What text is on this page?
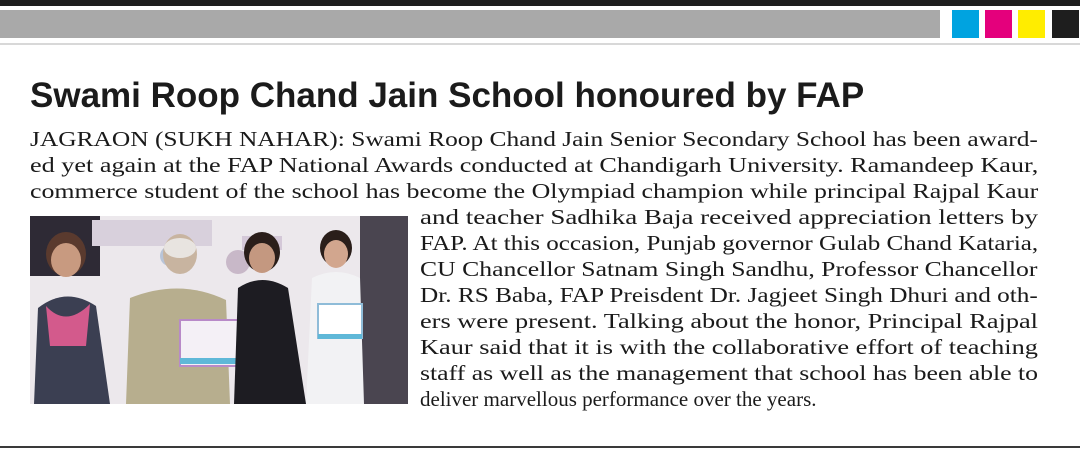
Swami Roop Chand Jain School honoured by FAP

JAGRAON (SUKH NAHAR): Swami Roop Chand Jain Senior Secondary School has been award-

ed yet again at the FAP National Awards conducted at Chandigarh University. Ramandeep Kaur,

commerce student of the school has become the Olympiad champion while principal Rajpal Kaur

and teacher Sadhika Baja received appreciation letters by

FAP. At this occasion, Punjab governor Gulab Chand Kataria,

CU Chancellor Satnam Singh Sandhu, Professor Chancellor

Dr. RS Baba, FAP Preisdent Dr. Jagjeet Singh Dhuri and oth-

ers were present. Talking about the honor, Principal Rajpal

Kaur said that it is with the collaborative effort of teaching

staff as well as the management that school has been able to

deliver marvellous performance over the years.
